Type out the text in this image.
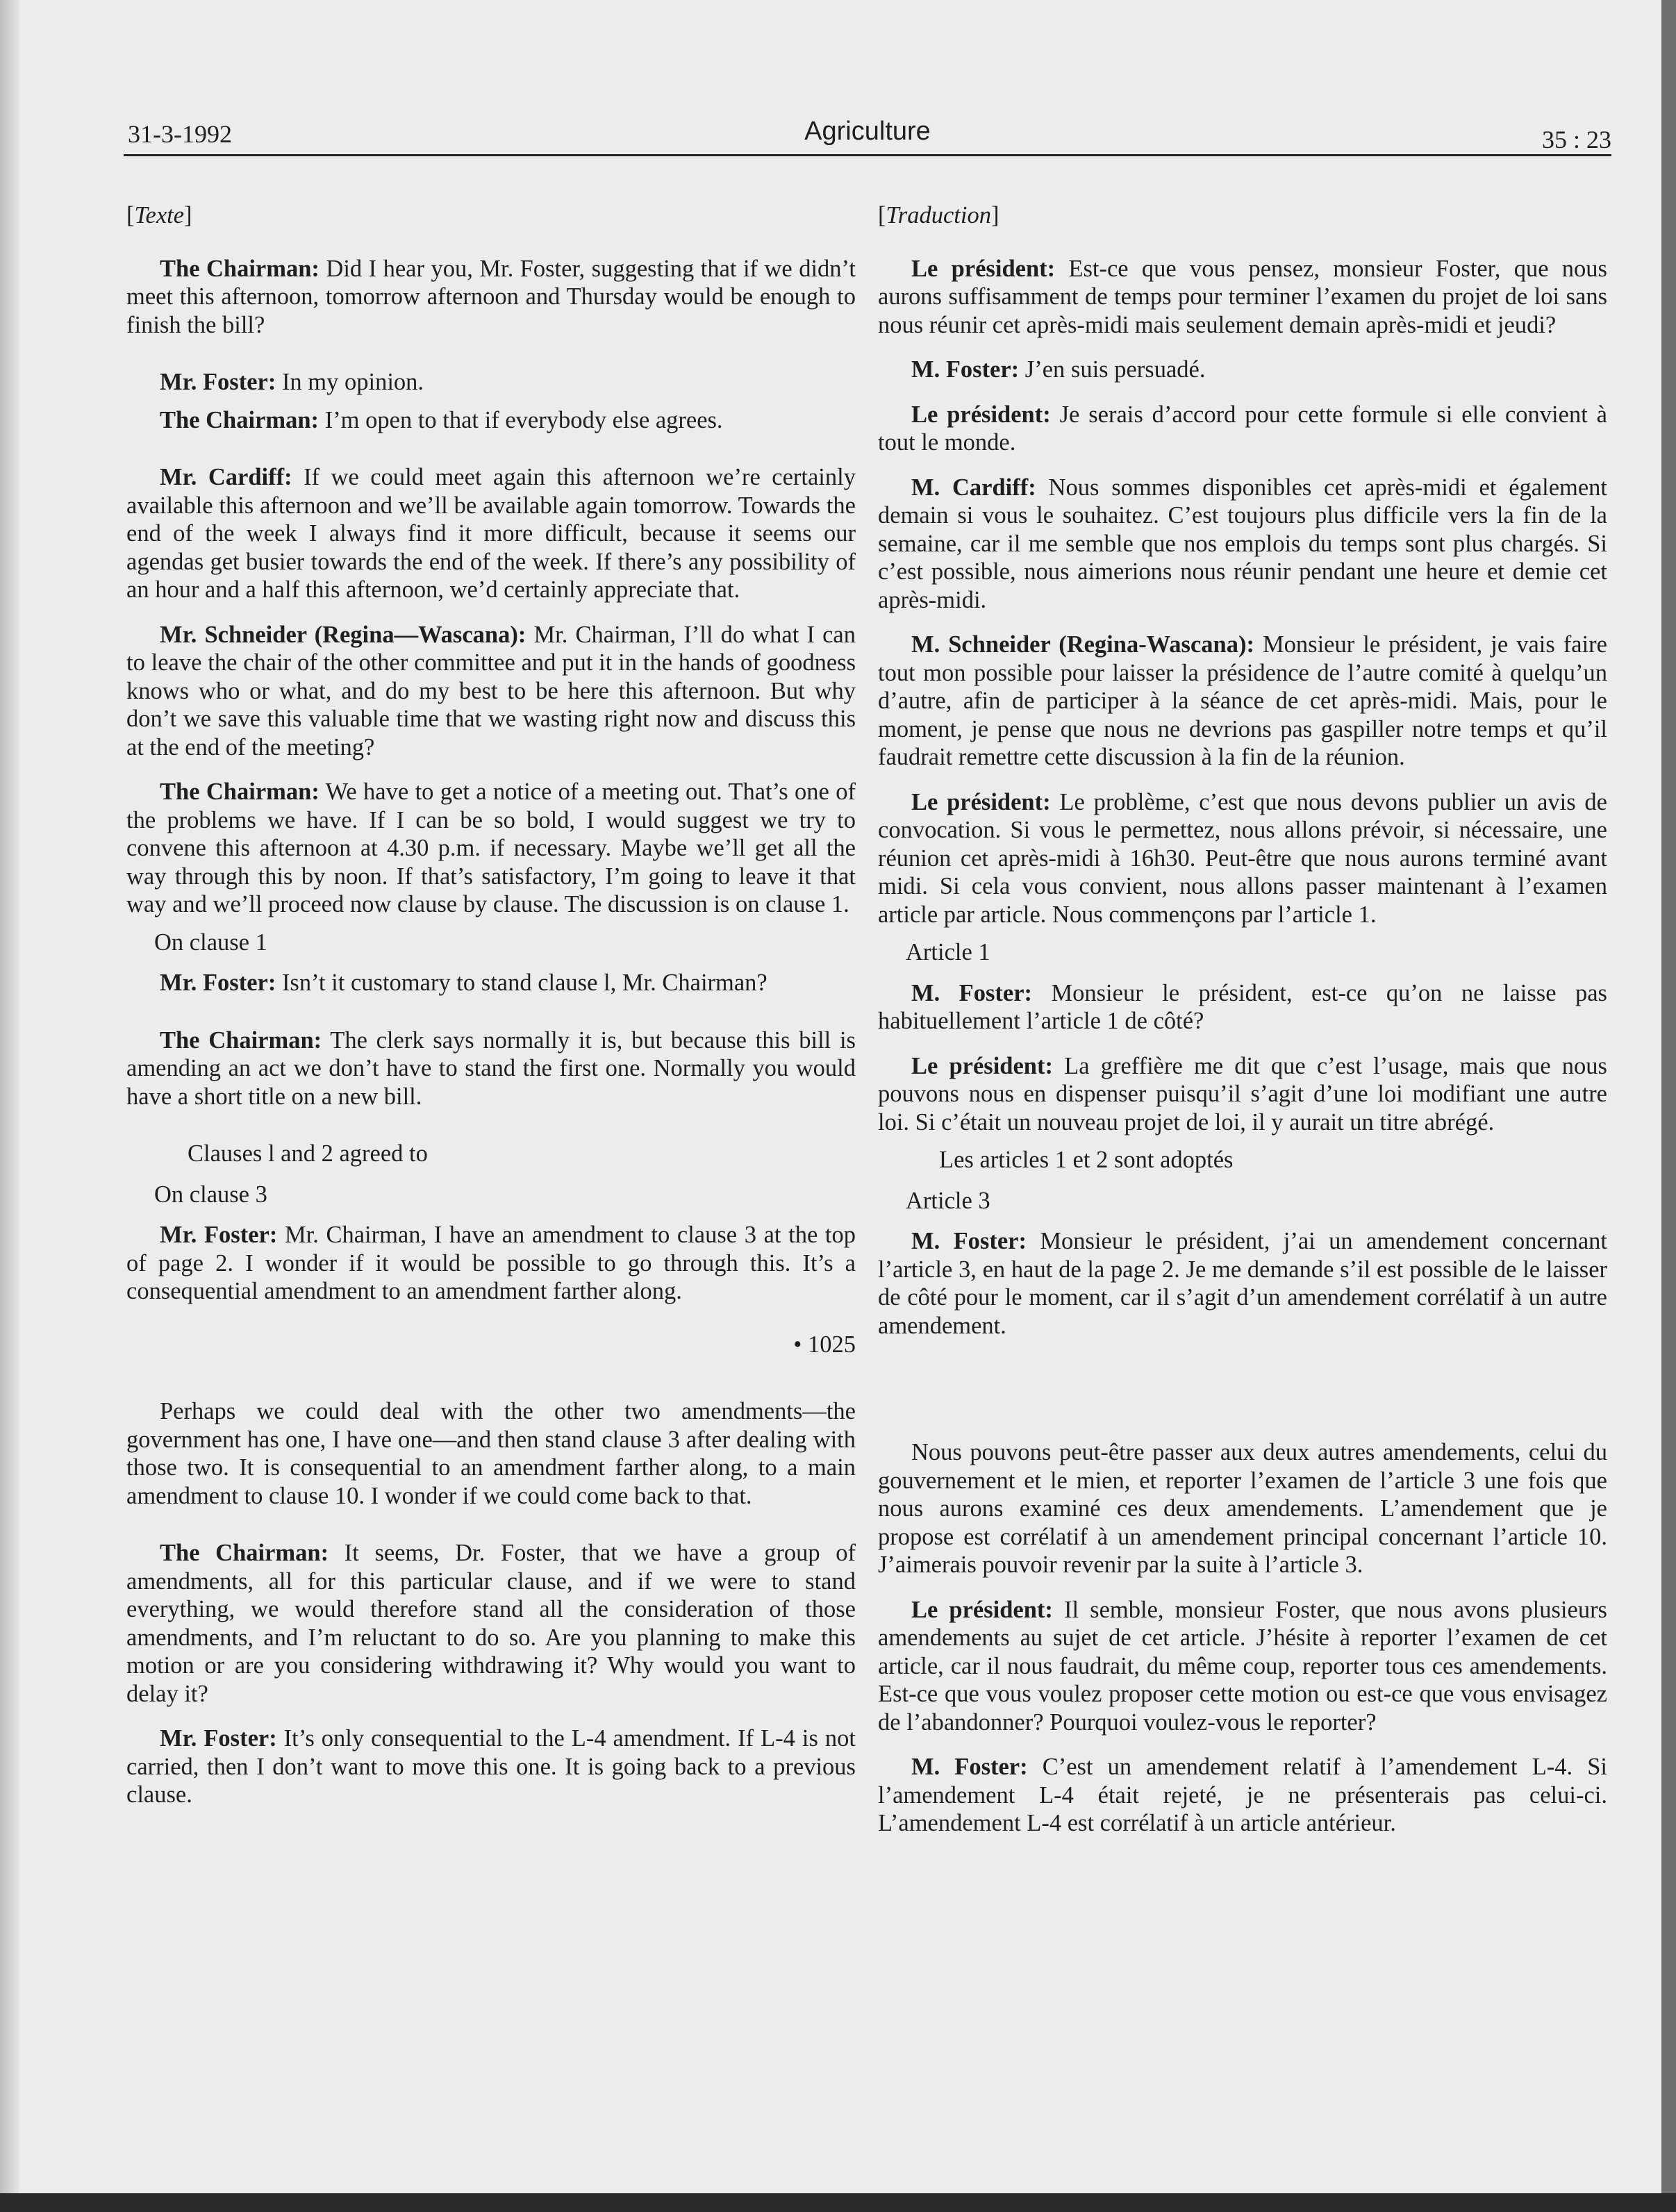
31-3-1992	Agriculture	35 : 23

[Texte]

The Chairman: Did I hear you, Mr. Foster, suggesting that if we didn’t meet this afternoon, tomorrow afternoon and Thursday would be enough to finish the bill?

Mr. Foster: In my opinion.

The Chairman: I’m open to that if everybody else agrees.

Mr. Cardiff: If we could meet again this afternoon we’re certainly available this afternoon and we’ll be available again tomorrow. Towards the end of the week I always find it more difficult, because it seems our agendas get busier towards the end of the week. If there’s any possibility of an hour and a half this afternoon, we’d certainly appreciate that.

Mr. Schneider (Regina—Wascana): Mr. Chairman, I’ll do what I can to leave the chair of the other committee and put it in the hands of goodness knows who or what, and do my best to be here this afternoon. But why don’t we save this valuable time that we wasting right now and discuss this at the end of the meeting?

The Chairman: We have to get a notice of a meeting out. That’s one of the problems we have. If I can be so bold, I would suggest we try to convene this afternoon at 4.30 p.m. if necessary. Maybe we’ll get all the way through this by noon. If that’s satisfactory, I’m going to leave it that way and we’ll proceed now clause by clause. The discussion is on clause 1.

On clause 1

Mr. Foster: Isn’t it customary to stand clause l, Mr. Chairman?

The Chairman: The clerk says normally it is, but because this bill is amending an act we don’t have to stand the first one. Normally you would have a short title on a new bill.

Clauses l and 2 agreed to

On clause 3

Mr. Foster: Mr. Chairman, I have an amendment to clause 3 at the top of page 2. I wonder if it would be possible to go through this. It’s a consequential amendment to an amendment farther along.

• 1025

Perhaps we could deal with the other two amendments—the government has one, I have one—and then stand clause 3 after dealing with those two. It is consequential to an amendment farther along, to a main amendment to clause 10. I wonder if we could come back to that.

The Chairman: It seems, Dr. Foster, that we have a group of amendments, all for this particular clause, and if we were to stand everything, we would therefore stand all the consideration of those amendments, and I’m reluctant to do so. Are you planning to make this motion or are you considering withdrawing it? Why would you want to delay it?

Mr. Foster: It’s only consequential to the L-4 amendment. If L-4 is not carried, then I don’t want to move this one. It is going back to a previous clause.

[Traduction]

Le président: Est-ce que vous pensez, monsieur Foster, que nous aurons suffisamment de temps pour terminer l’examen du projet de loi sans nous réunir cet après-midi mais seulement demain après-midi et jeudi?

M. Foster: J’en suis persuadé.

Le président: Je serais d’accord pour cette formule si elle convient à tout le monde.

M. Cardiff: Nous sommes disponibles cet après-midi et également demain si vous le souhaitez. C’est toujours plus difficile vers la fin de la semaine, car il me semble que nos emplois du temps sont plus chargés. Si c’est possible, nous aimerions nous réunir pendant une heure et demie cet après-midi.

M. Schneider (Regina-Wascana): Monsieur le président, je vais faire tout mon possible pour laisser la présidence de l’autre comité à quelqu’un d’autre, afin de participer à la séance de cet après-midi. Mais, pour le moment, je pense que nous ne devrions pas gaspiller notre temps et qu’il faudrait remettre cette discussion à la fin de la réunion.

Le président: Le problème, c’est que nous devons publier un avis de convocation. Si vous le permettez, nous allons prévoir, si nécessaire, une réunion cet après-midi à 16h30. Peut-être que nous aurons terminé avant midi. Si cela vous convient, nous allons passer maintenant à l’examen article par article. Nous commençons par l’article 1.

Article 1

M. Foster: Monsieur le président, est-ce qu’on ne laisse pas habituellement l’article 1 de côté?

Le président: La greffière me dit que c’est l’usage, mais que nous pouvons nous en dispenser puisqu’il s’agit d’une loi modifiant une autre loi. Si c’était un nouveau projet de loi, il y aurait un titre abrégé.

Les articles 1 et 2 sont adoptés

Article 3

M. Foster: Monsieur le président, j’ai un amendement concernant l’article 3, en haut de la page 2. Je me demande s’il est possible de le laisser de côté pour le moment, car il s’agit d’un amendement corrélatif à un autre amendement.

Nous pouvons peut-être passer aux deux autres amendements, celui du gouvernement et le mien, et reporter l’examen de l’article 3 une fois que nous aurons examiné ces deux amendements. L’amendement que je propose est corrélatif à un amendement principal concernant l’article 10. J’aimerais pouvoir revenir par la suite à l’article 3.

Le président: Il semble, monsieur Foster, que nous avons plusieurs amendements au sujet de cet article. J’hésite à reporter l’examen de cet article, car il nous faudrait, du même coup, reporter tous ces amendements. Est-ce que vous voulez proposer cette motion ou est-ce que vous envisagez de l’abandonner? Pourquoi voulez-vous le reporter?

M. Foster: C’est un amendement relatif à l’amendement L-4. Si l’amendement L-4 était rejeté, je ne présenterais pas celui-ci. L’amendement L-4 est corrélatif à un article antérieur.
